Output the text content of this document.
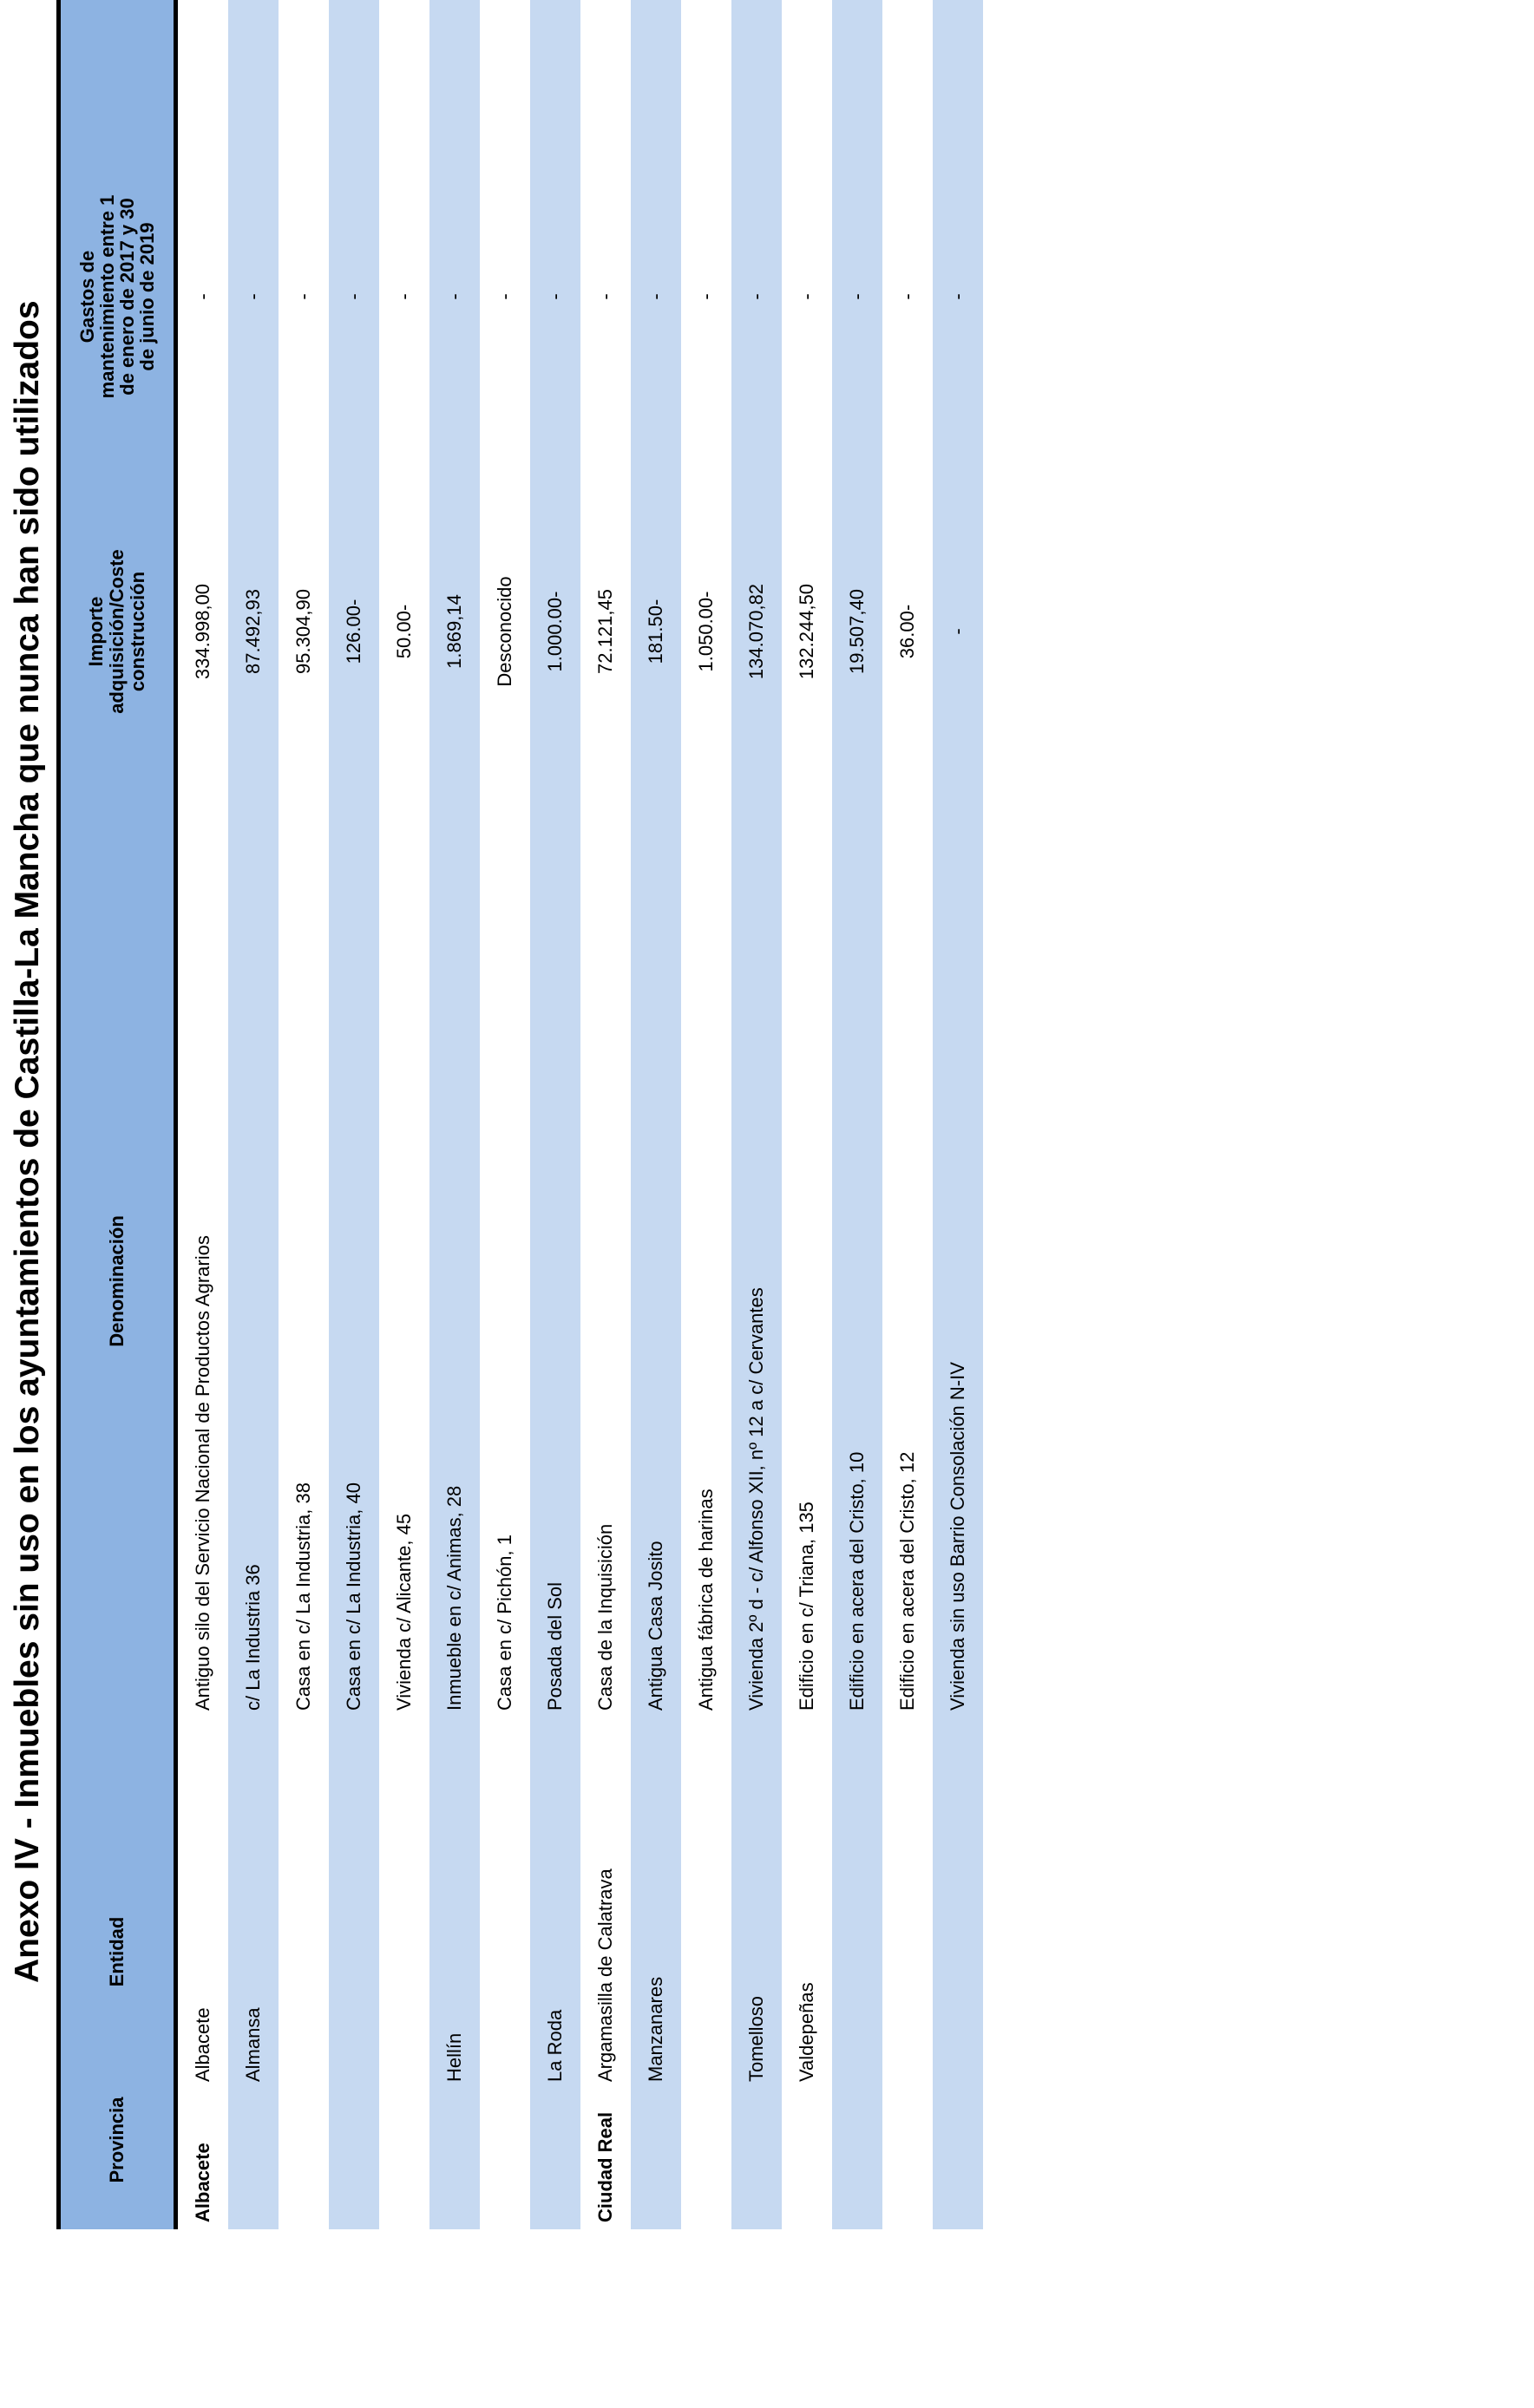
Anexo IV - Inmuebles sin uso en los ayuntamientos de Castilla-La Mancha que nunca han sido utilizados
Provincia
Entidad
Denominación
Importe adquisición/Coste construcción
Gastos de
mantenimiento entre 1
de enero de 2017 y 30
de junio de 2019
Albacete
Albacete
Antiguo silo del Servicio Nacional de Productos Agrarios
334.998,00
-
Almansa
c/ La Industria 36
87.492,93
-
Casa en c/ La Industria, 38
95.304,90
-
Casa en c/ La Industria, 40
126.00-
-
Vivienda c/ Alicante, 45
50.00-
-
Hellín
Inmueble en c/ Animas, 28
1.869,14
-
Casa en c/ Pichón, 1
Desconocido
-
La Roda
Posada del Sol
1.000.00-
-
Ciudad Real
Argamasilla de Calatrava
Casa de la Inquisición
72.121,45
-
Manzanares
Antigua Casa Josito
181.50-
-
Antigua fábrica de harinas
1.050.00-
-
Tomelloso
Vivienda 2º d - c/ Alfonso XII, nº 12 a c/ Cervantes
134.070,82
-
Valdepeñas
Edificio en c/ Triana, 135
132.244,50
-
Edificio en acera del Cristo, 10
19.507,40
-
Edificio en acera del Cristo, 12
36.00-
-
Vivienda sin uso Barrio Consolación N-IV
-
-
